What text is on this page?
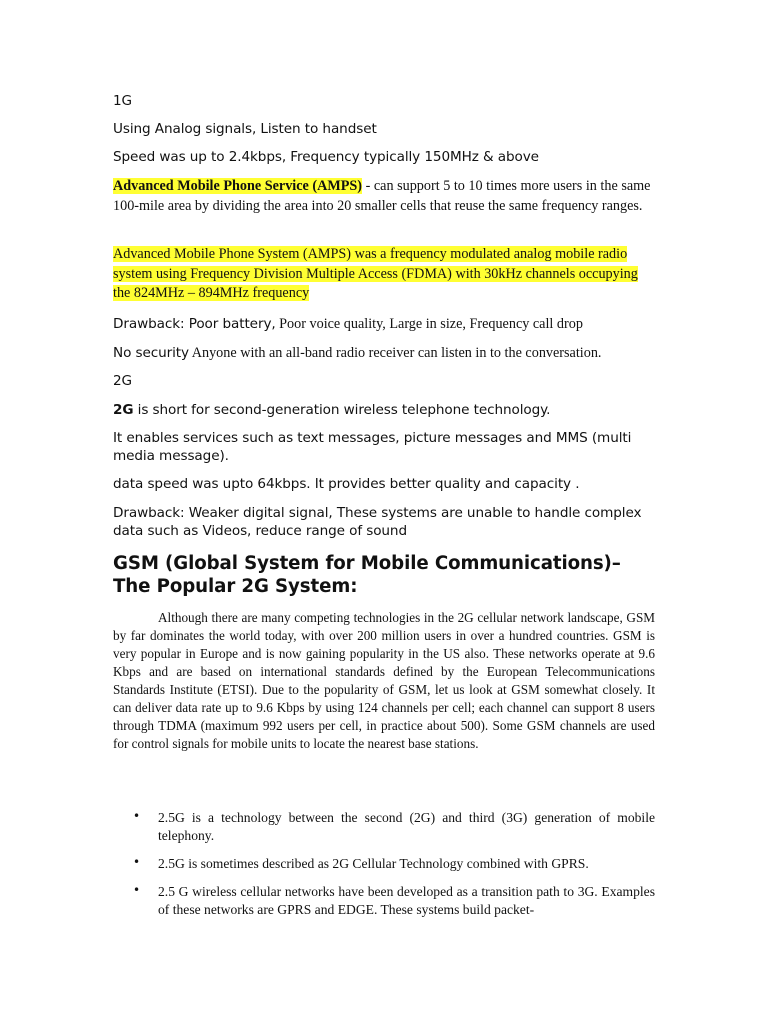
1G

Using Analog signals, Listen to handset

Speed was up to 2.4kbps, Frequency typically 150MHz & above

Advanced Mobile Phone Service (AMPS) - can support 5 to 10 times more users in the same 100-mile area by dividing the area into 20 smaller cells that reuse the same frequency ranges.

Advanced Mobile Phone System (AMPS) was a frequency modulated analog mobile radio system using Frequency Division Multiple Access (FDMA) with 30kHz channels occupying the 824MHz – 894MHz frequency

Drawback: Poor battery, Poor voice quality, Large in size, Frequency call drop

No security Anyone with an all-band radio receiver can listen in to the conversation.

2G

2G is short for second-generation wireless telephone technology.

It enables services such as text messages, picture messages and MMS (multi media message).

data speed was upto 64kbps. It provides better quality and capacity .

Drawback: Weaker digital signal, These systems are unable to handle complex data such as Videos, reduce range of sound

GSM (Global System for Mobile Communications)–The Popular 2G System:

Although there are many competing technologies in the 2G cellular network landscape, GSM by far dominates the world today, with over 200 million users in over a hundred countries. GSM is very popular in Europe and is now gaining popularity in the US also. These networks operate at 9.6 Kbps and are based on international standards defined by the European Telecommunications Standards Institute (ETSI). Due to the popularity of GSM, let us look at GSM somewhat closely. It can deliver data rate up to 9.6 Kbps by using 124 channels per cell; each channel can support 8 users through TDMA (maximum 992 users per cell, in practice about 500). Some GSM channels are used for control signals for mobile units to locate the nearest base stations.

• 2.5G is a technology between the second (2G) and third (3G) generation of mobile telephony.
• 2.5G is sometimes described as 2G Cellular Technology combined with GPRS.
• 2.5 G wireless cellular networks have been developed as a transition path to 3G. Examples of these networks are GPRS and EDGE. These systems build packet-
